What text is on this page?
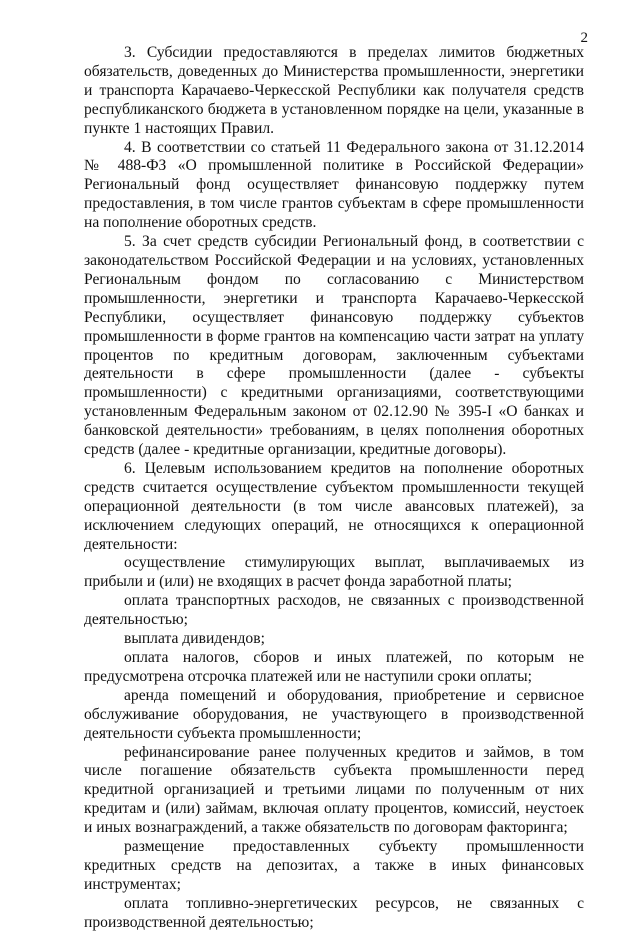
2

3. Субсидии предоставляются в пределах лимитов бюджетных обязательств, доведенных до Министерства промышленности, энергетики и транспорта Карачаево-Черкесской Республики как получателя средств республиканского бюджета в установленном порядке на цели, указанные в пункте 1 настоящих Правил.

4. В соответствии со статьей 11 Федерального закона от 31.12.2014 № 488-ФЗ «О промышленной политике в Российской Федерации» Региональный фонд осуществляет финансовую поддержку путем предоставления, в том числе грантов субъектам в сфере промышленности на пополнение оборотных средств.

5. За счет средств субсидии Региональный фонд, в соответствии с законодательством Российской Федерации и на условиях, установленных Региональным фондом по согласованию с Министерством промышленности, энергетики и транспорта Карачаево-Черкесской Республики, осуществляет финансовую поддержку субъектов промышленности в форме грантов на компенсацию части затрат на уплату процентов по кредитным договорам, заключенным субъектами деятельности в сфере промышленности (далее - субъекты промышленности) с кредитными организациями, соответствующими установленным Федеральным законом от 02.12.90 № 395-I «О банках и банковской деятельности» требованиям, в целях пополнения оборотных средств (далее - кредитные организации, кредитные договоры).

6. Целевым использованием кредитов на пополнение оборотных средств считается осуществление субъектом промышленности текущей операционной деятельности (в том числе авансовых платежей), за исключением следующих операций, не относящихся к операционной деятельности:

осуществление стимулирующих выплат, выплачиваемых из прибыли и (или) не входящих в расчет фонда заработной платы;

оплата транспортных расходов, не связанных с производственной деятельностью;

выплата дивидендов;

оплата налогов, сборов и иных платежей, по которым не предусмотрена отсрочка платежей или не наступили сроки оплаты;

аренда помещений и оборудования, приобретение и сервисное обслуживание оборудования, не участвующего в производственной деятельности субъекта промышленности;

рефинансирование ранее полученных кредитов и займов, в том числе погашение обязательств субъекта промышленности перед кредитной организацией и третьими лицами по полученным от них кредитам и (или) займам, включая оплату процентов, комиссий, неустоек и иных вознаграждений, а также обязательств по договорам факторинга;

размещение предоставленных субъекту промышленности кредитных средств на депозитах, а также в иных финансовых инструментах;

оплата топливно-энергетических ресурсов, не связанных с производственной деятельностью;
